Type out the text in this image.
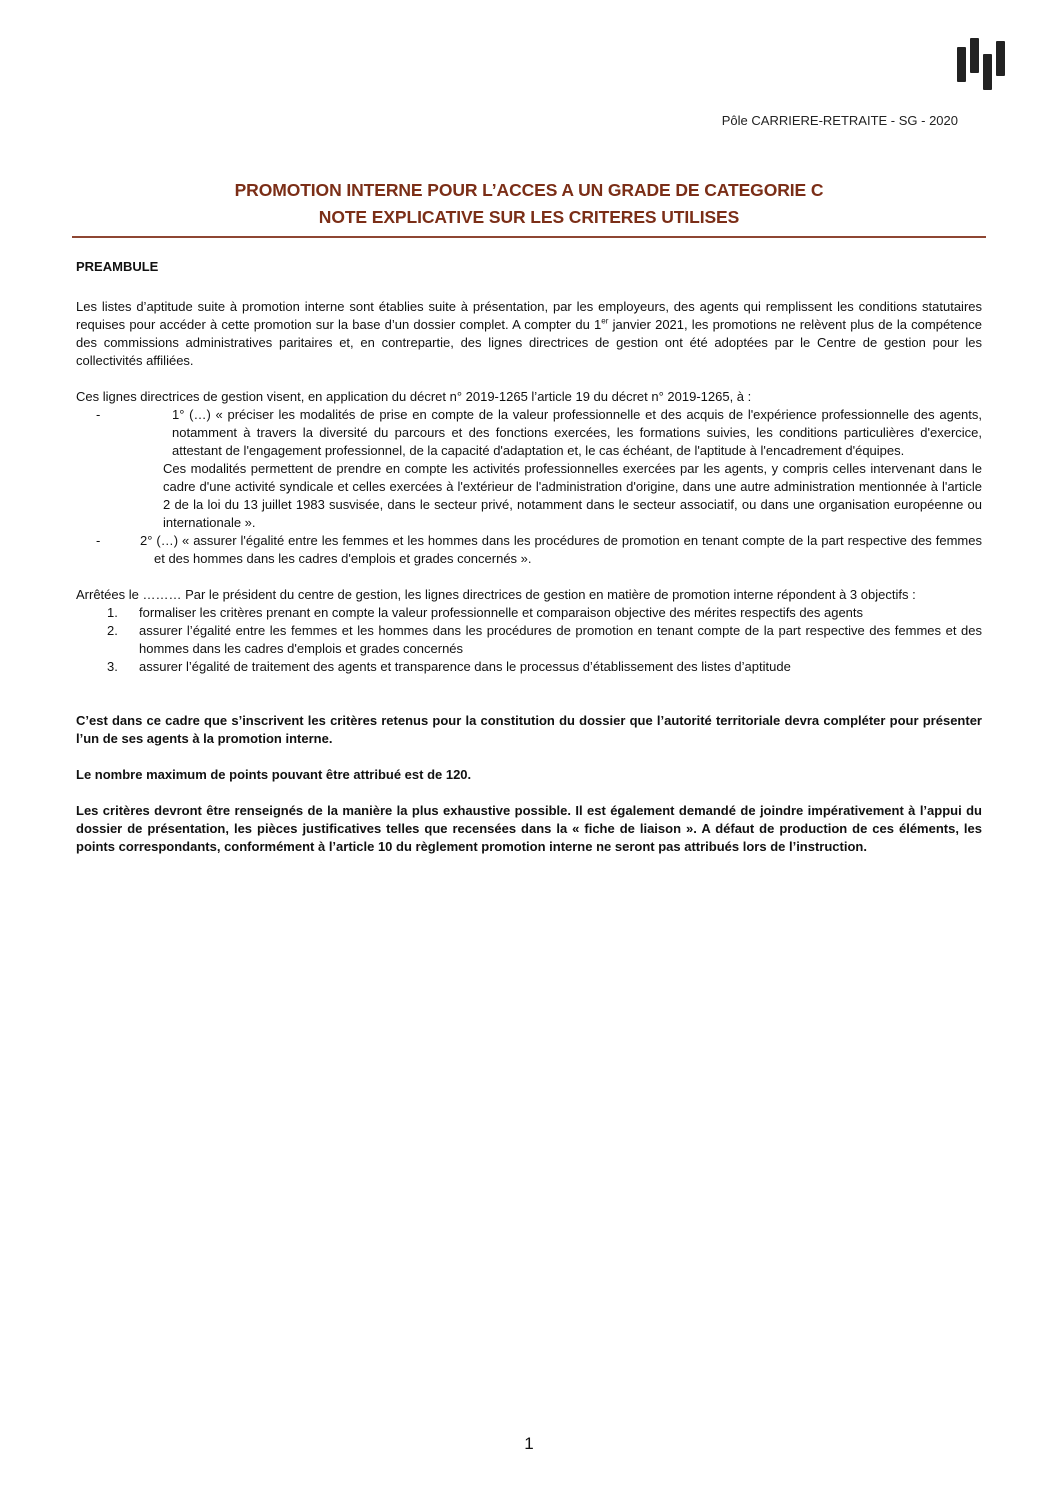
Pôle CARRIERE-RETRAITE - SG - 2020
PROMOTION INTERNE POUR L’ACCES A UN GRADE DE CATEGORIE C
NOTE EXPLICATIVE SUR LES CRITERES UTILISES

PREAMBULE

Les listes d’aptitude suite à promotion interne sont établies suite à présentation, par les employeurs, des agents qui remplissent les conditions statutaires requises pour accéder à cette promotion sur la base d’un dossier complet. A compter du 1er janvier 2021, les promotions ne relèvent plus de la compétence des commissions administratives paritaires et, en contrepartie, des lignes directrices de gestion ont été adoptées par le Centre de gestion pour les collectivités affiliées.

Ces lignes directrices de gestion visent, en application du décret n° 2019-1265 l’article 19 du décret n° 2019-1265, à :

-	1° (…) « préciser les modalités de prise en compte de la valeur professionnelle et des acquis de l'expérience professionnelle des agents, notamment à travers la diversité du parcours et des fonctions exercées, les formations suivies, les conditions particulières d'exercice, attestant de l'engagement professionnel, de la capacité d'adaptation et, le cas échéant, de l'aptitude à l'encadrement d'équipes.

Ces modalités permettent de prendre en compte les activités professionnelles exercées par les agents, y compris celles intervenant dans le cadre d'une activité syndicale et celles exercées à l'extérieur de l'administration d'origine, dans une autre administration mentionnée à l'article 2 de la loi du 13 juillet 1983 susvisée, dans le secteur privé, notamment dans le secteur associatif, ou dans une organisation européenne ou internationale ».

-	2° (…) « assurer l'égalité entre les femmes et les hommes dans les procédures de promotion en tenant compte de la part respective des femmes et des hommes dans les cadres d'emplois et grades concernés ».

Arrêtées le ……… Par le président du centre de gestion, les lignes directrices de gestion en matière de promotion interne répondent à 3 objectifs :

1.	formaliser les critères prenant en compte la valeur professionnelle et comparaison objective des mérites respectifs des agents
2.	assurer l’égalité entre les femmes et les hommes dans les procédures de promotion en tenant compte de la part respective des femmes et des hommes dans les cadres d'emplois et grades concernés
3.	assurer l’égalité de traitement des agents et transparence dans le processus d’établissement des listes d’aptitude

C’est dans ce cadre que s’inscrivent les critères retenus pour la constitution du dossier que l’autorité territoriale devra compléter pour présenter l’un de ses agents à la promotion interne.

Le nombre maximum de points pouvant être attribué est de 120.

Les critères devront être renseignés de la manière la plus exhaustive possible. Il est également demandé de joindre impérativement à l’appui du dossier de présentation, les pièces justificatives telles que recensées dans la « fiche de liaison ». A défaut de production de ces éléments, les points correspondants, conformément à l’article 10 du règlement promotion interne ne seront pas attribués lors de l’instruction.

1
